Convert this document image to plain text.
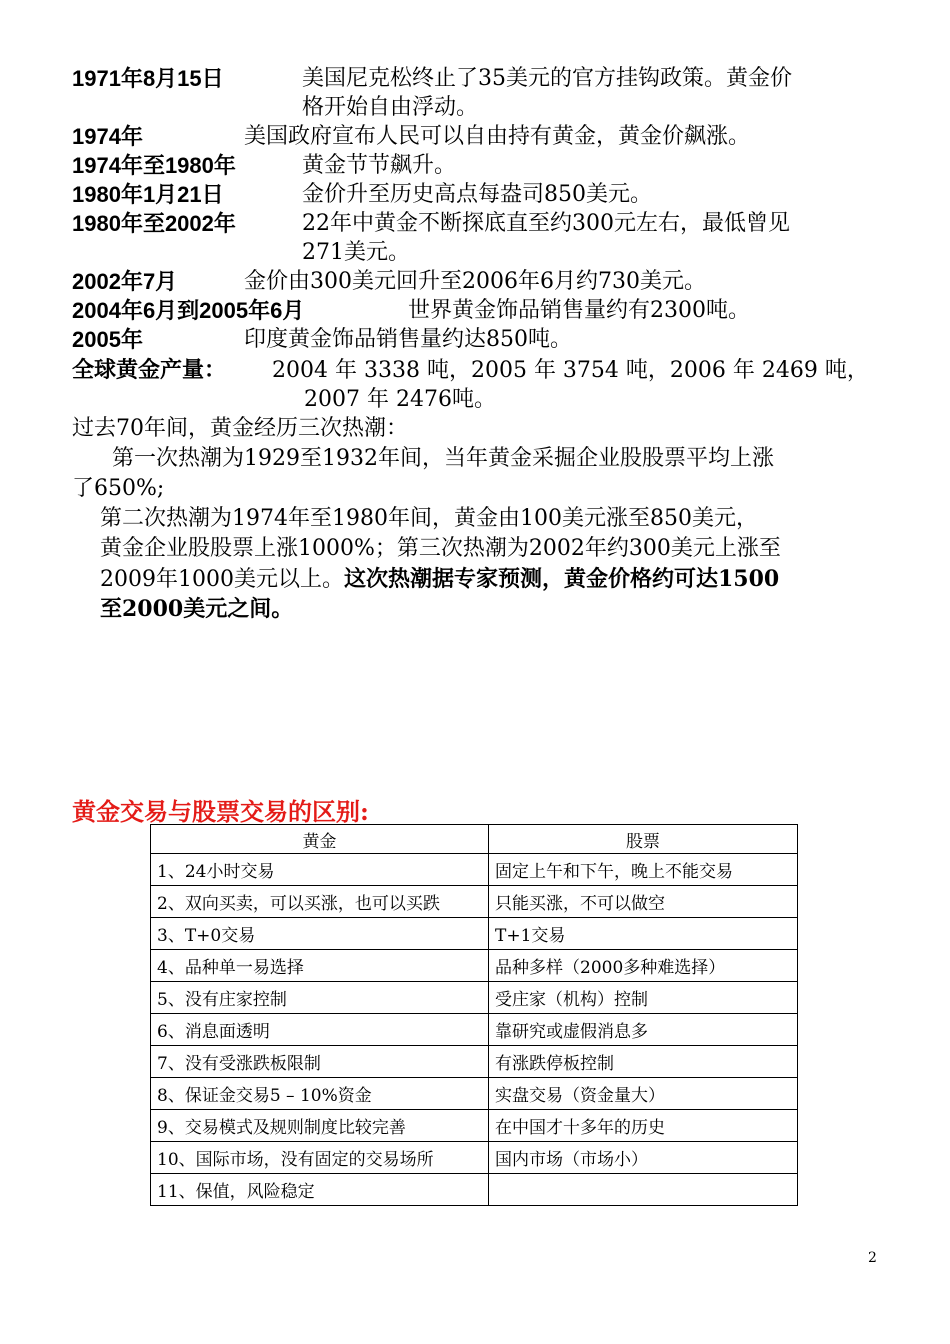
1971年8月15日	美国尼克松终止了35美元的官方挂钩政策。黄金价
格开始自由浮动。
1974年	美国政府宣布人民可以自由持有黄金，黄金价飙涨。
1974年至1980年	黄金节节飙升。
1980年1月21日	金价升至历史高点每盎司850美元。
1980年至2002年	22年中黄金不断探底直至约300元左右，最低曾见
271美元。
2002年7月	金价由300美元回升至2006年6月约730美元。
2004年6月到2005年6月	世界黄金饰品销售量约有2300吨。
2005年	印度黄金饰品销售量约达850吨。
全球黄金产量： 2004 年 3338 吨，2005 年 3754 吨，2006 年 2469 吨，
2007 年 2476吨。
过去70年间，黄金经历三次热潮：
第一次热潮为1929至1932年间，当年黄金采掘企业股股票平均上涨
了650%;
第二次热潮为1974年至1980年间，黄金由100美元涨至850美元，
黄金企业股股票上涨1000%；第三次热潮为2002年约300美元上涨至
2009年1000美元以上。这次热潮据专家预测，黄金价格约可达1500
至2000美元之间。
黄金交易与股票交易的区别:
黄金	股票
1、24小时交易	固定上午和下午，晚上不能交易
2、双向买卖，可以买涨，也可以买跌	只能买涨，不可以做空
3、T+0交易	T+1交易
4、品种单一易选择	品种多样（2000多种难选择）
5、没有庄家控制	受庄家（机构）控制
6、消息面透明	靠研究或虚假消息多
7、没有受涨跌板限制	有涨跌停板控制
8、保证金交易5 – 10%资金	实盘交易（资金量大）
9、交易模式及规则制度比较完善	在中国才十多年的历史
10、国际市场，没有固定的交易场所	国内市场（市场小）
11、保值，风险稳定	
2
